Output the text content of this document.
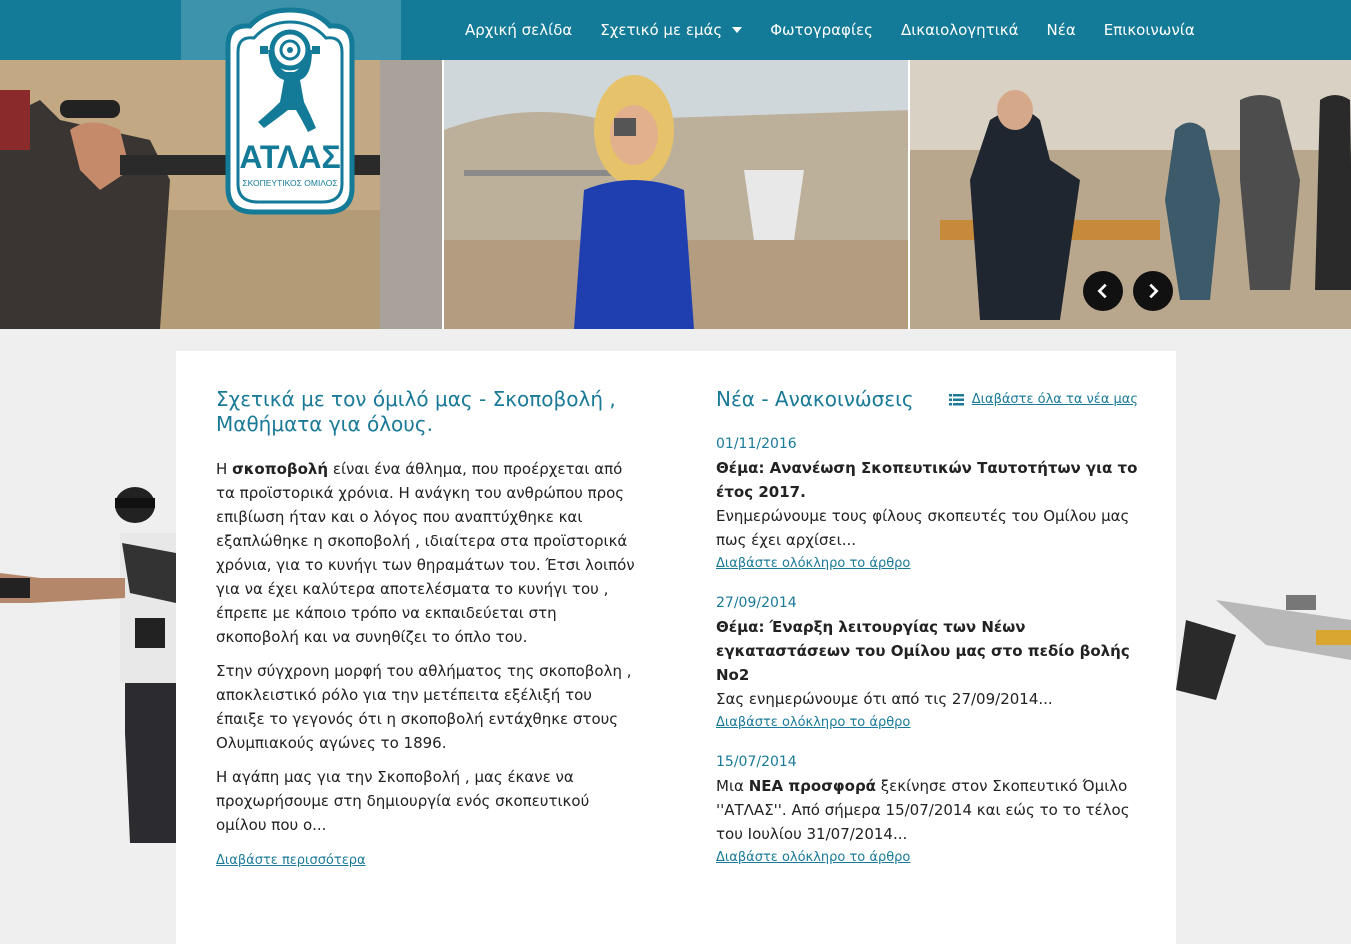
Αρχική σελίδα Σχετικό με εμάς	Φωτογραφίες Δικαιολογητικά Νέα Επικοινωνία
ΑΤΛΑΣ
ΣΚΟΠΕΥΤΙΚΟΣ ΟΜΙΛΟΣ
Σχετικά με τον όμιλό μας - Σκοποβολή , Μαθήματα για όλους.

Η σκοποβολή είναι ένα άθλημα, που προέρχεται από τα προϊστορικά χρόνια. Η ανάγκη του ανθρώπου προς επιβίωση ήταν και ο λόγος που αναπτύχθηκε και εξαπλώθηκε η σκοποβολή , ιδιαίτερα στα προϊστορικά χρόνια, για το κυνήγι των θηραμάτων του. Έτσι λοιπόν για να έχει καλύτερα αποτελέσματα το κυνήγι του , έπρεπε με κάποιο τρόπο να εκπαιδεύεται στη σκοποβολή και να συνηθίζει το όπλο του.

Στην σύγχρονη μορφή του αθλήματος της σκοποβολη , αποκλειστικό ρόλο για την μετέπειτα εξέλιξή του έπαιξε το γεγονός ότι η σκοποβολή εντάχθηκε στους Ολυμπιακούς αγώνες το 1896.

Η αγάπη μας για την Σκοποβολή , μας έκανε να προχωρήσουμε στη δημιουργία ενός σκοπευτικού ομίλου που ο...

Διαβάστε περισσότερα
Νέα - Ανακοινώσεις	Διαβάστε όλα τα νέα μας
01/11/2016
Θέμα: Ανανέωση Σκοπευτικών Ταυτοτήτων για το έτος 2017.
Ενημερώνουμε τους φίλους σκοπευτές του Ομίλου μας πως έχει αρχίσει...
Διαβάστε ολόκληρο το άρθρο
27/09/2014
Θέμα: Έναρξη λειτουργίας των Νέων εγκαταστάσεων του Ομίλου μας στο πεδίο βολής Νο2
Σας ενημερώνουμε ότι από τις 27/09/2014...
Διαβάστε ολόκληρο το άρθρο
15/07/2014
Μια ΝΕΑ προσφορά ξεκίνησε στον Σκοπευτικό Όμιλο ''ΑΤΛΑΣ''. Από σήμερα 15/07/2014 και εώς το το τέλος του Ιουλίου 31/07/2014...
Διαβάστε ολόκληρο το άρθρο
